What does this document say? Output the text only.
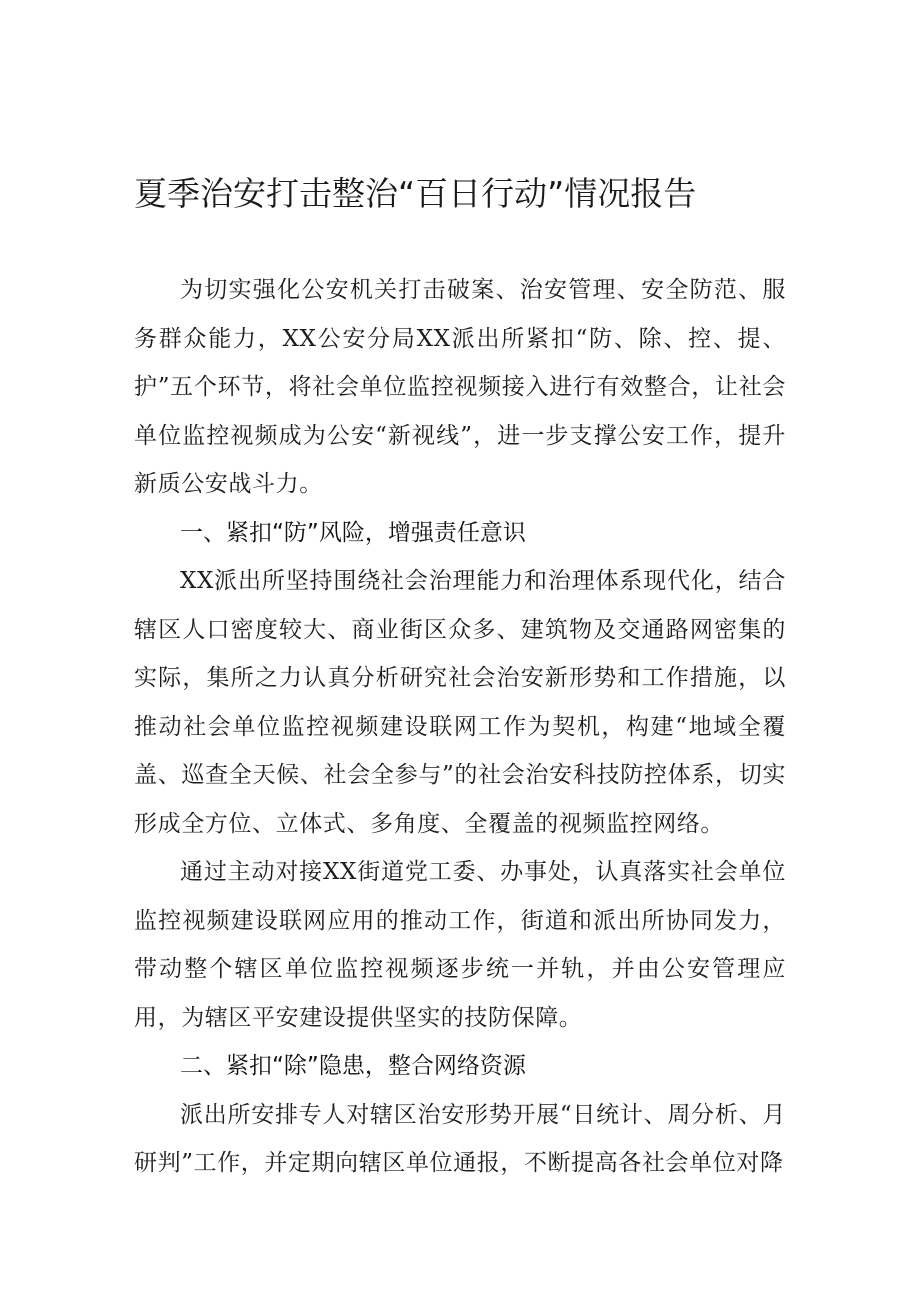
夏季治安打击整治“百日行动”情况报告

为切实强化公安机关打击破案、治安管理、安全防范、服务群众能力，XX公安分局XX派出所紧扣“防、除、控、提、护”五个环节，将社会单位监控视频接入进行有效整合，让社会单位监控视频成为公安“新视线”，进一步支撑公安工作，提升新质公安战斗力。

一、紧扣“防”风险，增强责任意识

XX派出所坚持围绕社会治理能力和治理体系现代化，结合辖区人口密度较大、商业街区众多、建筑物及交通路网密集的实际，集所之力认真分析研究社会治安新形势和工作措施，以推动社会单位监控视频建设联网工作为契机，构建“地域全覆盖、巡查全天候、社会全参与”的社会治安科技防控体系，切实形成全方位、立体式、多角度、全覆盖的视频监控网络。

通过主动对接XX街道党工委、办事处，认真落实社会单位监控视频建设联网应用的推动工作，街道和派出所协同发力，带动整个辖区单位监控视频逐步统一并轨，并由公安管理应用，为辖区平安建设提供坚实的技防保障。

二、紧扣“除”隐患，整合网络资源

派出所安排专人对辖区治安形势开展“日统计、周分析、月研判”工作，并定期向辖区单位通报，不断提高各社会单位对降
